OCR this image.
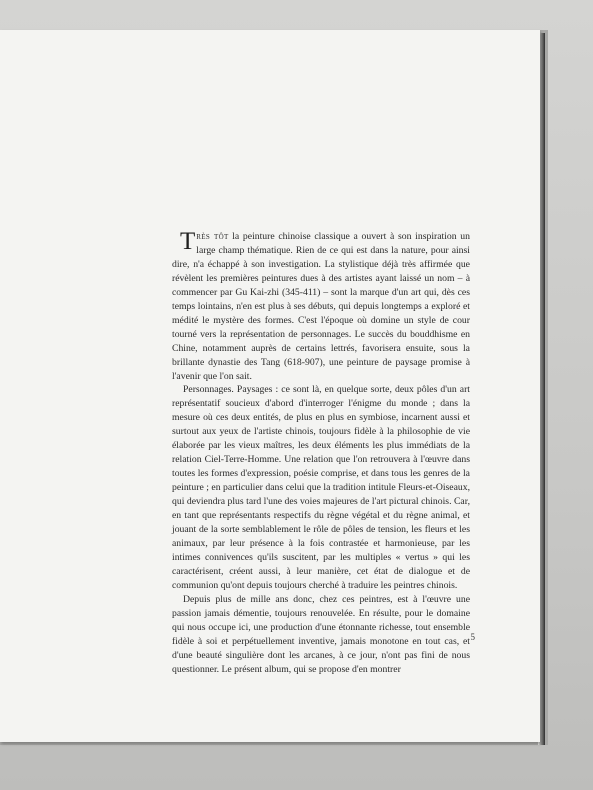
Très tôt la peinture chinoise classique a ouvert à son inspiration un large champ thématique. Rien de ce qui est dans la nature, pour ainsi dire, n'a échappé à son investigation. La stylistique déjà très affirmée que révèlent les premières peintures dues à des artistes ayant laissé un nom – à commencer par Gu Kai-zhi (345-411) – sont la marque d'un art qui, dès ces temps lointains, n'en est plus à ses débuts, qui depuis longtemps a exploré et médité le mystère des formes. C'est l'époque où domine un style de cour tourné vers la représentation de personnages. Le succès du bouddhisme en Chine, notamment auprès de certains lettrés, favorisera ensuite, sous la brillante dynastie des Tang (618-907), une peinture de paysage promise à l'avenir que l'on sait.

Personnages. Paysages : ce sont là, en quelque sorte, deux pôles d'un art représentatif soucieux d'abord d'interroger l'énigme du monde ; dans la mesure où ces deux entités, de plus en plus en symbiose, incarnent aussi et surtout aux yeux de l'artiste chinois, toujours fidèle à la philosophie de vie élaborée par les vieux maîtres, les deux éléments les plus immédiats de la relation Ciel-Terre-Homme. Une relation que l'on retrouvera à l'œuvre dans toutes les formes d'expression, poésie comprise, et dans tous les genres de la peinture ; en particulier dans celui que la tradition intitule Fleurs-et-Oiseaux, qui deviendra plus tard l'une des voies majeures de l'art pictural chinois. Car, en tant que représentants respectifs du règne végétal et du règne animal, et jouant de la sorte semblablement le rôle de pôles de tension, les fleurs et les animaux, par leur présence à la fois contrastée et harmonieuse, par les intimes connivences qu'ils suscitent, par les multiples « vertus » qui les caractérisent, créent aussi, à leur manière, cet état de dialogue et de communion qu'ont depuis toujours cherché à traduire les peintres chinois.

Depuis plus de mille ans donc, chez ces peintres, est à l'œuvre une passion jamais démentie, toujours renouvelée. En résulte, pour le domaine qui nous occupe ici, une production d'une étonnante richesse, tout ensemble fidèle à soi et perpétuellement inventive, jamais monotone en tout cas, et d'une beauté singulière dont les arcanes, à ce jour, n'ont pas fini de nous questionner. Le présent album, qui se propose d'en montrer

5
